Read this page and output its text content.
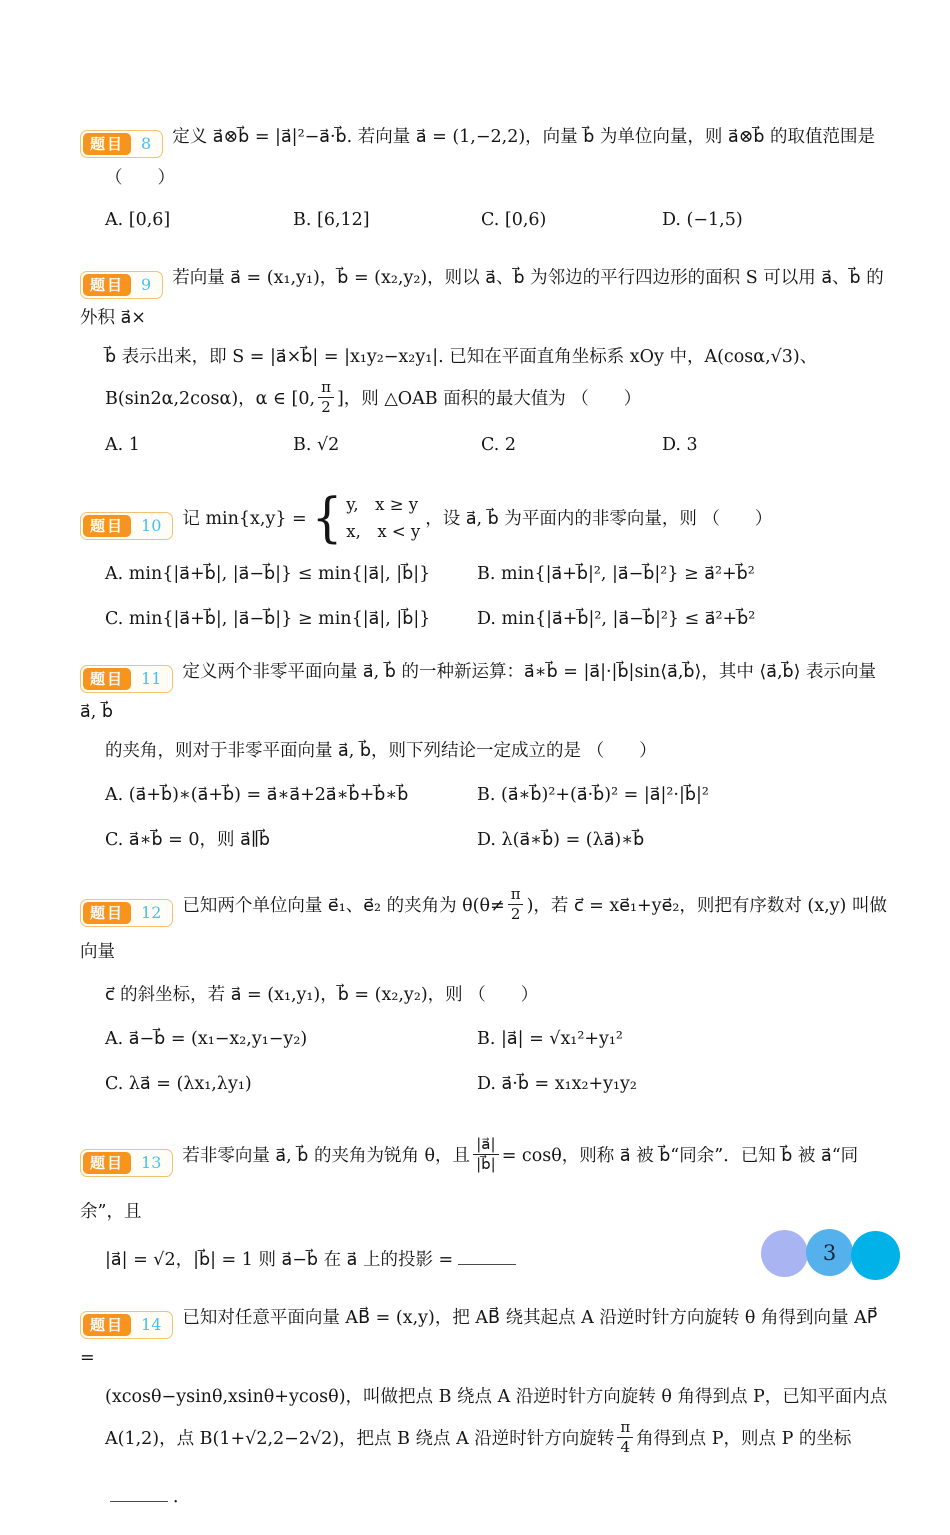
题目	8	定义 a⃗⊗b⃗ = |a⃗|²−a⃗·b⃗. 若向量 a⃗ = (1,−2,2)，向量 b⃗ 为单位向量，则 a⃗⊗b⃗ 的取值范围是
（　　）
A. [0,6]	B. [6,12]	C. [0,6)	D. (−1,5)
题目	9	若向量 a⃗ = (x₁,y₁)，b⃗ = (x₂,y₂)，则以 a⃗、b⃗ 为邻边的平行四边形的面积 S 可以用 a⃗、b⃗ 的外积 a⃗×
b⃗ 表示出来，即 S = |a⃗×b⃗| = |x₁y₂−x₂y₁|. 已知在平面直角坐标系 xOy 中，A(cosα,√3)、
B(sin2α,2cosα)，α ∈ [0, $\frac{\pi}{2}$ ]，则 △OAB 面积的最大值为 （　　）
A. 1	B. √2	C. 2	D. 3
题目	10	记 min{x,y} = { y,　x ≥ y
x,　x < y
，设 a⃗, b⃗ 为平面内的非零向量，则 （　　）
A. min{|a⃗+b⃗|, |a⃗−b⃗|} ≤ min{|a⃗|, |b⃗|}	B. min{|a⃗+b⃗|², |a⃗−b⃗|²} ≥ a⃗²+b⃗²
C. min{|a⃗+b⃗|, |a⃗−b⃗|} ≥ min{|a⃗|, |b⃗|}	D. min{|a⃗+b⃗|², |a⃗−b⃗|²} ≤ a⃗²+b⃗²
题目	11	定义两个非零平面向量 a⃗, b⃗ 的一种新运算：a⃗∗b⃗ = |a⃗|·|b⃗|sin⟨a⃗,b⃗⟩，其中 ⟨a⃗,b⃗⟩ 表示向量 a⃗, b⃗
的夹角，则对于非零平面向量 a⃗, b⃗，则下列结论一定成立的是 （　　）
A. (a⃗+b⃗)∗(a⃗+b⃗) = a⃗∗a⃗+2a⃗∗b⃗+b⃗∗b⃗	B. (a⃗∗b⃗)²+(a⃗·b⃗)² = |a⃗|²·|b⃗|²
C. a⃗∗b⃗ = 0，则 a⃗∥b⃗	D. λ(a⃗∗b⃗) = (λa⃗)∗b⃗
题目	12	已知两个单位向量 e⃗₁、e⃗₂ 的夹角为 $\theta(\theta\ne \frac{\pi}{2}$ )，若 c⃗ = xe⃗₁+ye⃗₂，则把有序数对 (x,y) 叫做向量
c⃗ 的斜坐标，若 a⃗ = (x₁,y₁)，b⃗ = (x₂,y₂)，则 （　　）
A. a⃗−b⃗ = (x₁−x₂,y₁−y₂)	B. |a⃗| = √x₁²+y₁²
C. λa⃗ = (λx₁,λy₁)	D. a⃗·b⃗ = x₁x₂+y₁y₂
题目	13	若非零向量 a⃗, b⃗ 的夹角为锐角 θ，且 $\frac{|a⃗|}{|b⃗|} = \cos\theta$，则称 a⃗ 被 b⃗“同余”．已知 b⃗ 被 a⃗“同余”，且
|a⃗| = √2，|b⃗| = 1 则 a⃗−b⃗ 在 a⃗ 上的投影 =
题目	14	已知对任意平面向量 AB⃗ = (x,y)，把 AB⃗ 绕其起点 A 沿逆时针方向旋转 θ 角得到向量 AP⃗ =
(xcosθ−ysinθ,xsinθ+ycosθ)，叫做把点 B 绕点 A 沿逆时针方向旋转 θ 角得到点 P，已知平面内点
A(1,2)，点 B(1+√2,2−2√2)，把点 B 绕点 A 沿逆时针方向旋转 $\frac{\pi}{4}$ 角得到点 P，则点 P 的坐标
．
3
